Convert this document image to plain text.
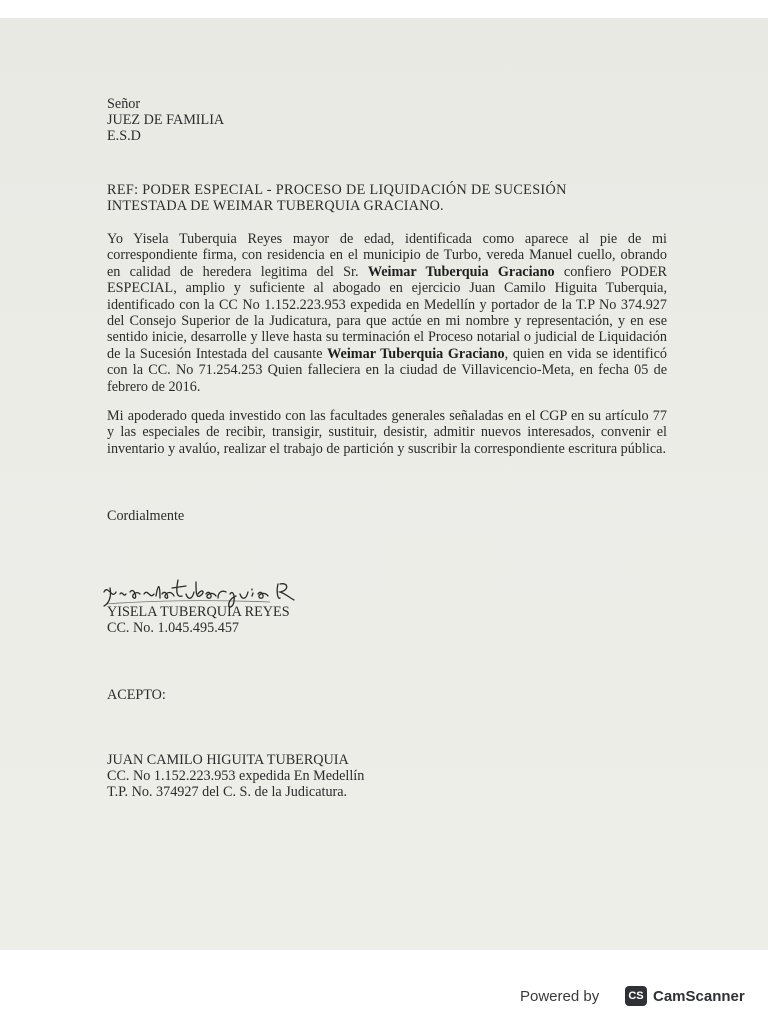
Señor
JUEZ DE FAMILIA
E.S.D
REF: PODER ESPECIAL - PROCESO DE LIQUIDACIÓN DE SUCESIÓN
INTESTADA DE WEIMAR TUBERQUIA GRACIANO.
Yo Yisela Tuberquia Reyes mayor de edad, identificada como aparece al pie de mi correspondiente firma, con residencia en el municipio de Turbo, vereda Manuel cuello, obrando en calidad de heredera legitima del Sr. Weimar Tuberquia Graciano confiero PODER ESPECIAL, amplio y suficiente al abogado en ejercicio Juan Camilo Higuita Tuberquia, identificado con la CC No 1.152.223.953 expedida en Medellín y portador de la T.P No 374.927 del Consejo Superior de la Judicatura, para que actúe en mi nombre y representación, y en ese sentido inicie, desarrolle y lleve hasta su terminación el Proceso notarial o judicial de Liquidación de la Sucesión Intestada del causante Weimar Tuberquia Graciano, quien en vida se identificó con la CC. No 71.254.253 Quien falleciera en la ciudad de Villavicencio-Meta, en fecha 05 de febrero de 2016.
Mi apoderado queda investido con las facultades generales señaladas en el CGP en su artículo 77 y las especiales de recibir, transigir, sustituir, desistir, admitir nuevos interesados, convenir el inventario y avalúo, realizar el trabajo de partición y suscribir la correspondiente escritura pública.
Cordialmente
YISELA TUBERQUIA REYES
CC. No. 1.045.495.457
ACEPTO:
JUAN CAMILO HIGUITA TUBERQUIA
CC. No 1.152.223.953 expedida En Medellín
T.P. No. 374927 del C. S. de la Judicatura.
Powered by	CS CamScanner
